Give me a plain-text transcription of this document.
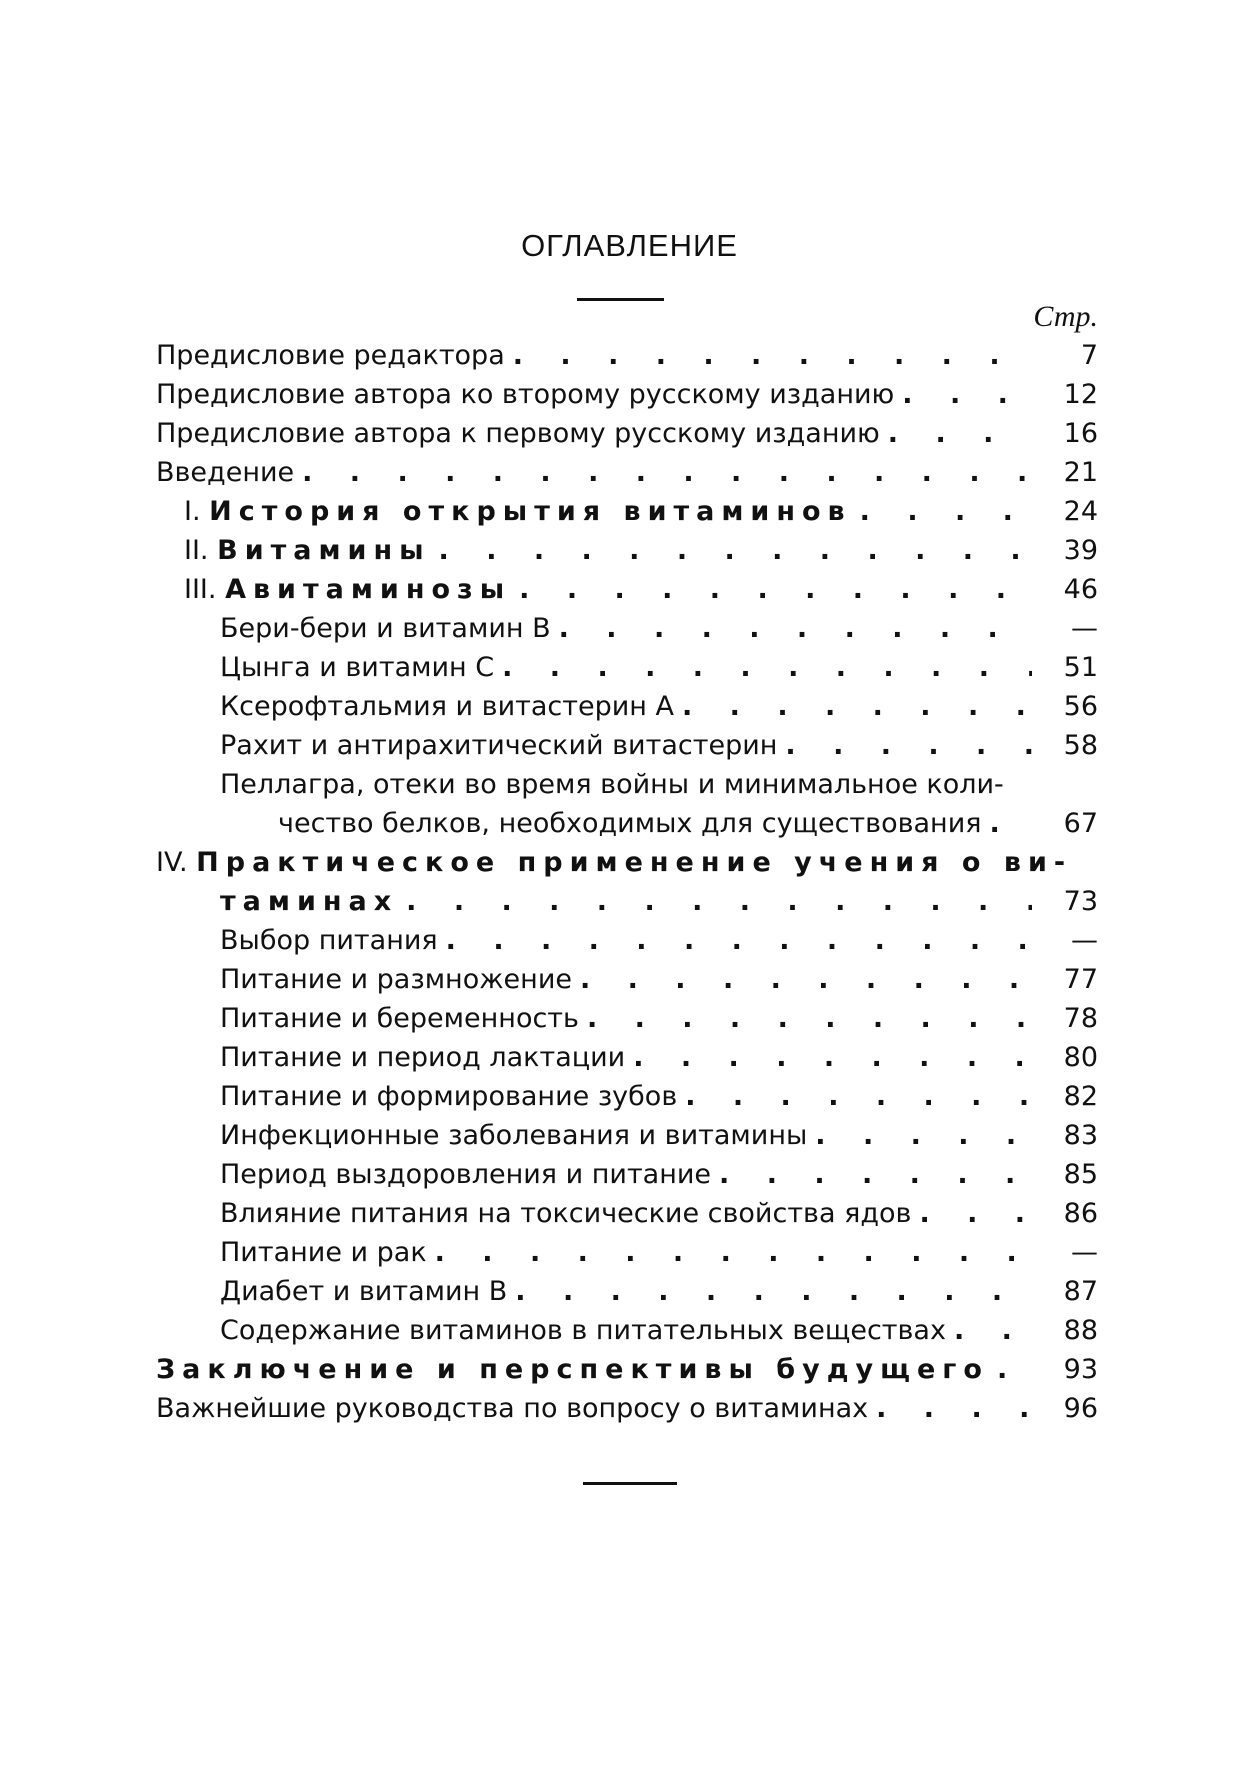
ОГЛАВЛЕНИЕ
Стр.
Предисловие редактора . . .	7
Предисловие автора ко второму русскому изданию . . .	12
Предисловие автора к первому русскому изданию . . .	16
Введение . . .	21
I. История открытия витаминов . . .	24
II. Витамины . . .	39
III. Авитаминозы . . .	46
Бери-бери и витамин В . . .	—
Цынга и витамин С . . .	51
Ксерофтальмия и витастерин А . . .	56
Рахит и антирахитический витастерин . . .	58
Пеллагра, отеки во время войны и минимальное коли-
чество белков, необходимых для существования . . .	67
IV. Практическое применение учения о ви-
таминах . . .	73
Выбор питания . . .	—
Питание и размножение . . .	77
Питание и беременность . . .	78
Питание и период лактации . . .	80
Питание и формирование зубов . . .	82
Инфекционные заболевания и витамины . . .	83
Период выздоровления и питание . . .	85
Влияние питания на токсические свойства ядов . . .	86
Питание и рак . . .	—
Диабет и витамин В . . .	87
Содержание витаминов в питательных веществах . . .	88
Заключение и перспективы будущего . . .	93
Важнейшие руководства по вопросу о витаминах . . .	96
